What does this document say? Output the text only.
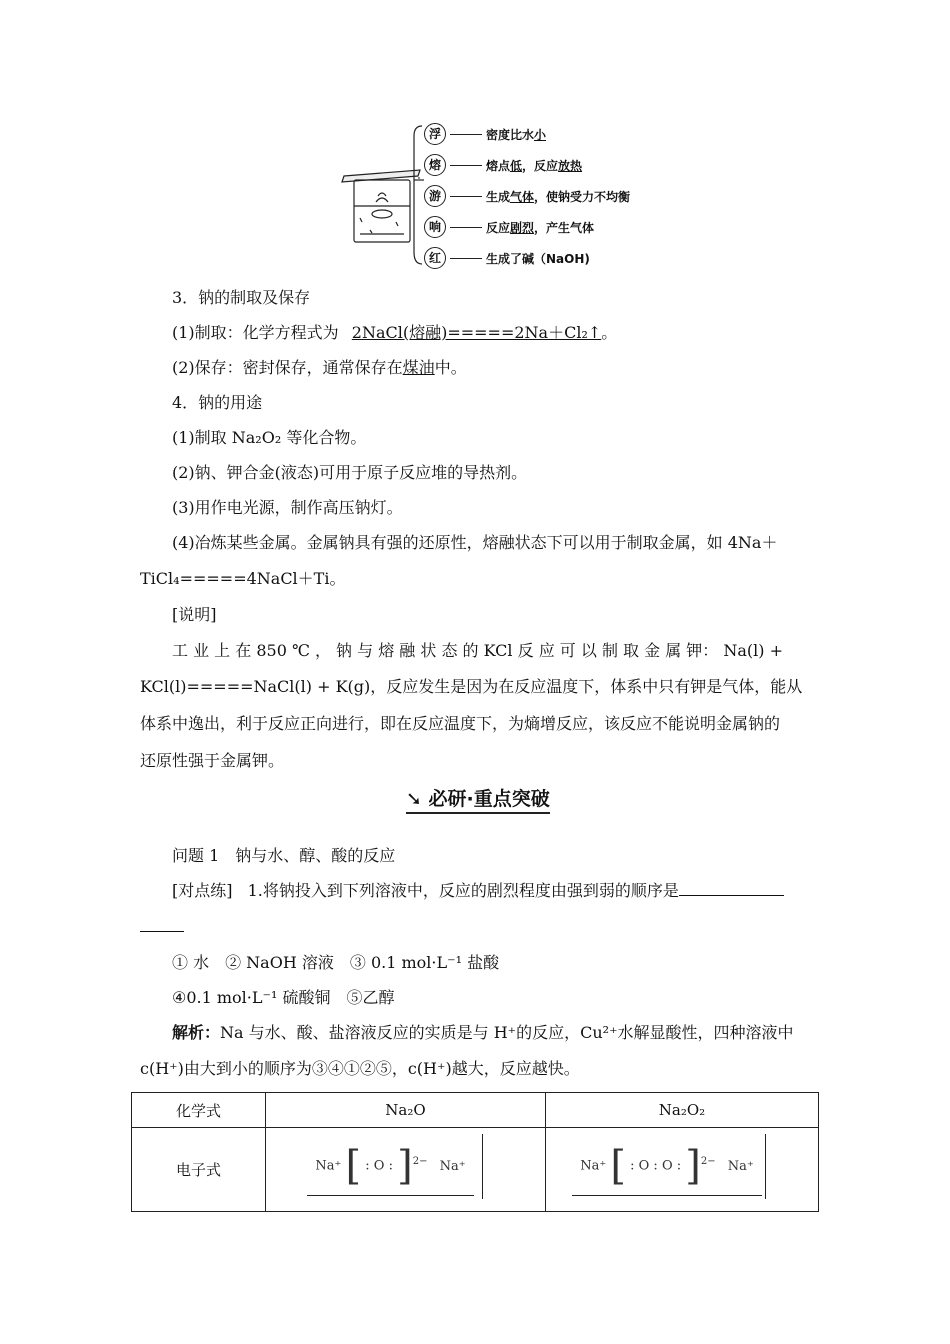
浮	密度比水小
熔	熔点低，反应放热
游	生成气体，使钠受力不均衡
响	反应剧烈，产生气体
红	生成了碱（NaOH)
3．钠的制取及保存
(1)制取：化学方程式为 2NaCl(熔融)=====2Na＋Cl₂↑。
(2)保存：密封保存，通常保存在煤油中。
4．钠的用途
(1)制取 Na₂O₂ 等化合物。
(2)钠、钾合金(液态)可用于原子反应堆的导热剂。
(3)用作电光源，制作高压钠灯。
(4)冶炼某些金属。金属钠具有强的还原性，熔融状态下可以用于制取金属，如 4Na＋
TiCl₄=====4NaCl＋Ti。
[说明]
工 业 上 在 850 ℃ ， 钠 与 熔 融 状 态 的 KCl 反 应 可 以 制 取 金 属 钾： Na(l) +
KCl(l)=====NaCl(l) + K(g)，反应发生是因为在反应温度下，体系中只有钾是气体，能从
体系中逸出，利于反应正向进行，即在反应温度下，为熵增反应，该反应不能说明金属钠的
还原性强于金属钾。
➘ 必研·重点突破
问题 1　钠与水、醇、酸的反应
[对点练] 1.将钠投入到下列溶液中，反应的剧烈程度由强到弱的顺序是
① 水　② NaOH 溶液　③ 0.1 mol·L⁻¹ 盐酸
④0.1 mol·L⁻¹ 硫酸铜　⑤乙醇
解析：Na 与水、酸、盐溶液反应的实质是与 H⁺的反应，Cu²⁺水解显酸性，四种溶液中
c(H⁺)由大到小的顺序为③④①②⑤，c(H⁺)越大，反应越快。
化学式	Na₂O	Na₂O₂
电子式	Na⁺ [ : O : ]$^{2-}$ Na⁺	Na⁺ [ : O : O : ]$^{2-}$ Na⁺
